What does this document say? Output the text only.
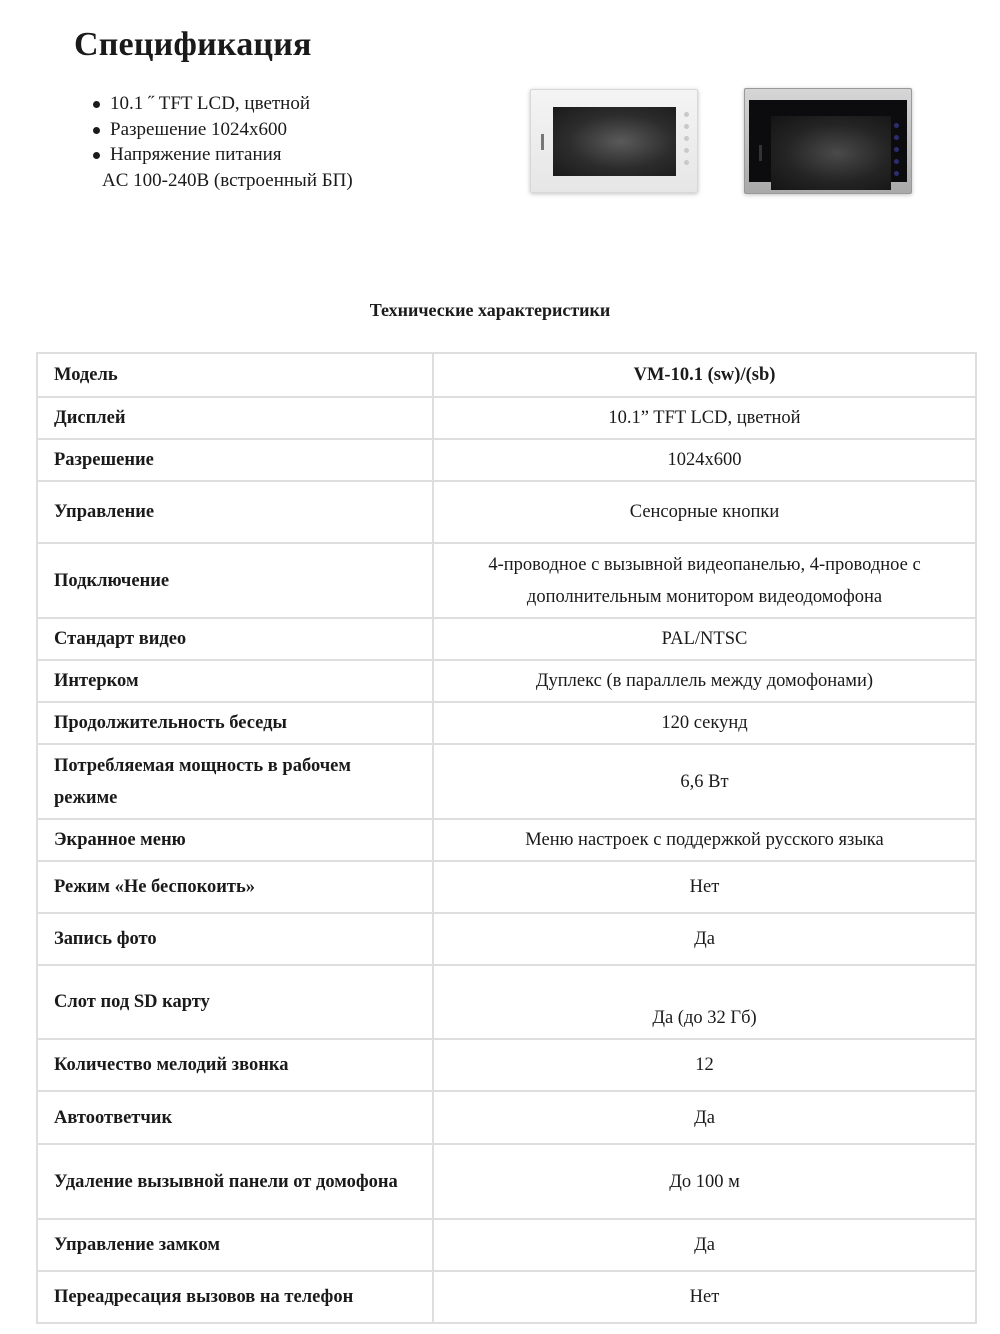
Спецификация
10.1 ˝ TFT LCD, цветной
Разрешение 1024x600
Напряжение питания
AC 100-240В (встроенный БП)
Технические характеристики
Модель	VM-10.1 (sw)/(sb)
Дисплей	10.1” TFT LCD, цветной
Разрешение	1024x600
Управление	Сенсорные кнопки
Подключение	4-проводное с вызывной видеопанелью, 4-проводное с дополнительным монитором видеодомофона
Стандарт видео	PAL/NTSC
Интерком	Дуплекс (в параллель между домофонами)
Продолжительность беседы	120 секунд
Потребляемая мощность в рабочем режиме	6,6 Вт
Экранное меню	Меню настроек с поддержкой русского языка
Режим «Не беспокоить»	Нет
Запись фото	Да
Слот под SD карту	Да (до 32 Гб)
Количество мелодий звонка	12
Автоответчик	Да
Удаление вызывной панели от домофона	До 100 м
Управление замком	Да
Переадресация вызовов на телефон	Нет
